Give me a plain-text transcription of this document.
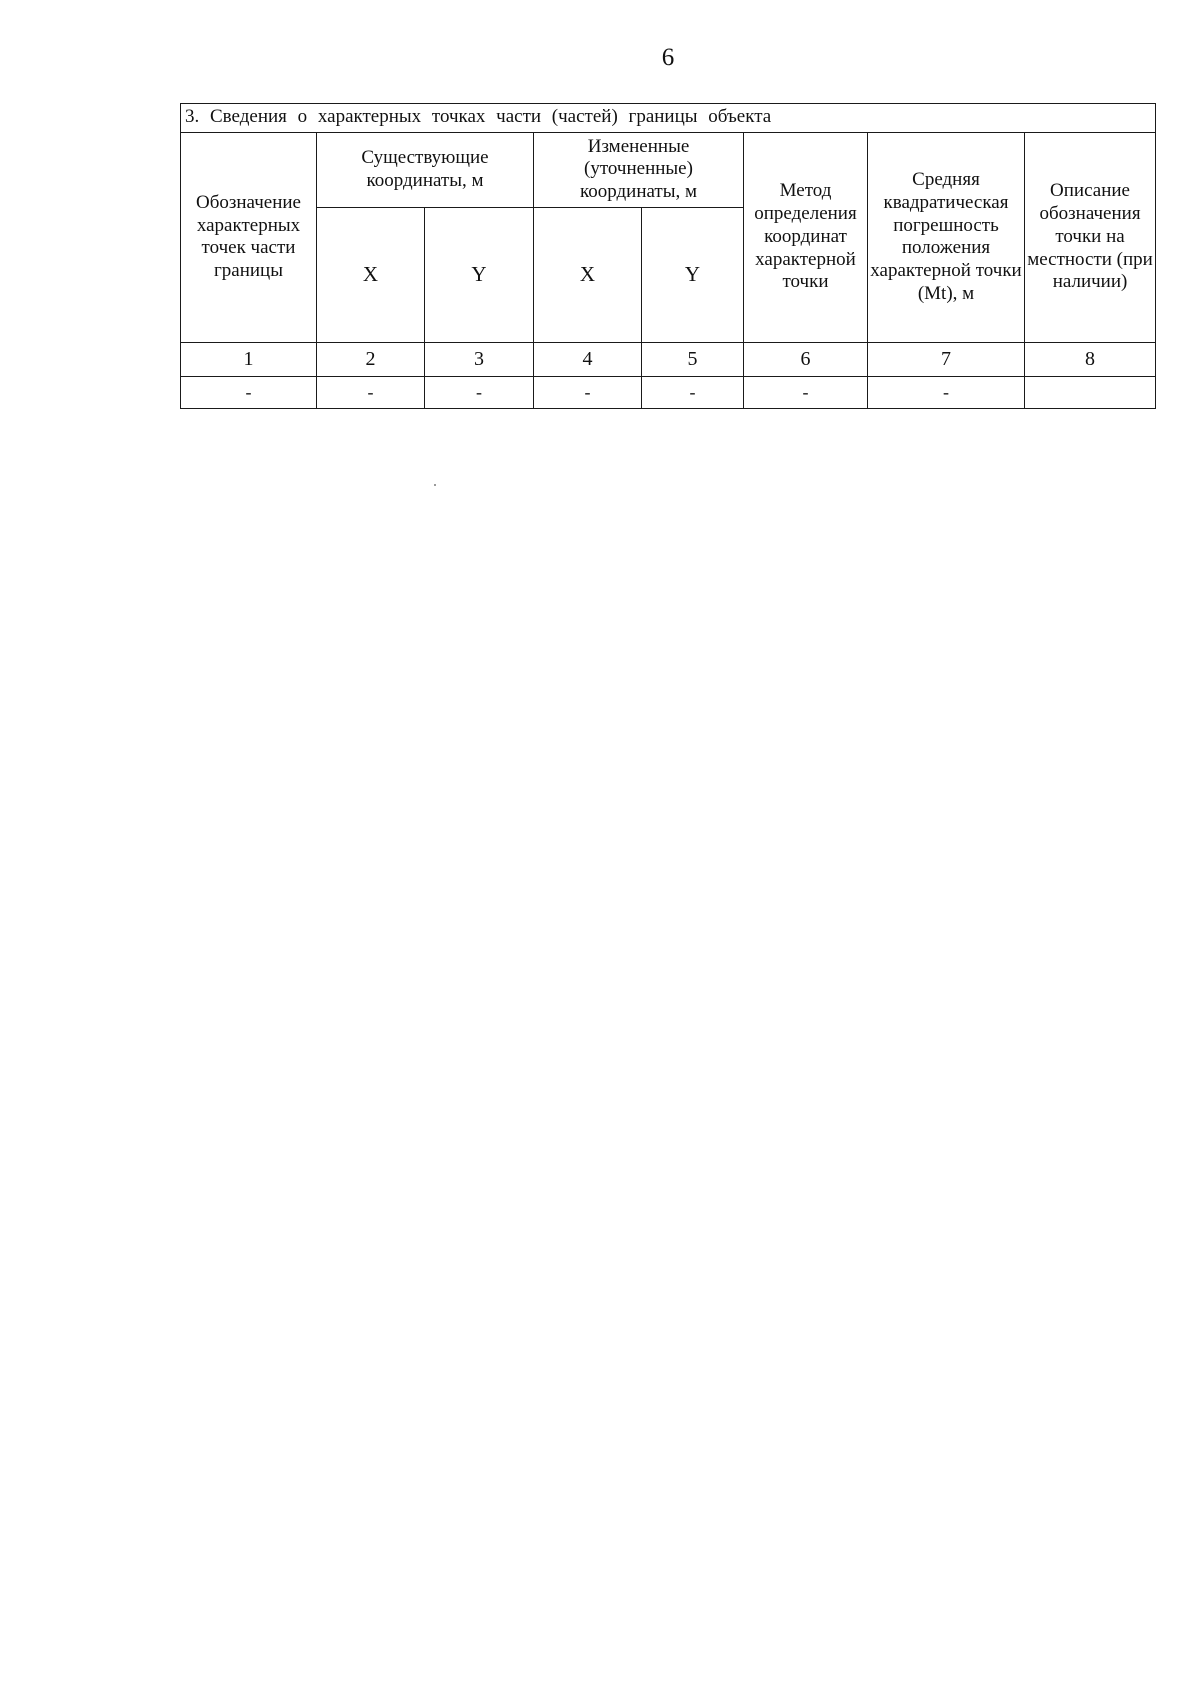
6
3. Сведения о характерных точках части (частей) границы объекта							
Обозначение характерных точек части границы	Существующие координаты, м		Измененные (уточненные) координаты, м		Метод определения координат характерной точки	Средняя квадратическая погрешность положения характерной точки (Mt), м	Описание обозначения точки на местности (при наличии)
	X	Y	X	Y			
1	2	3	4	5	6	7	8
-	-	-	-	-	-	-	
